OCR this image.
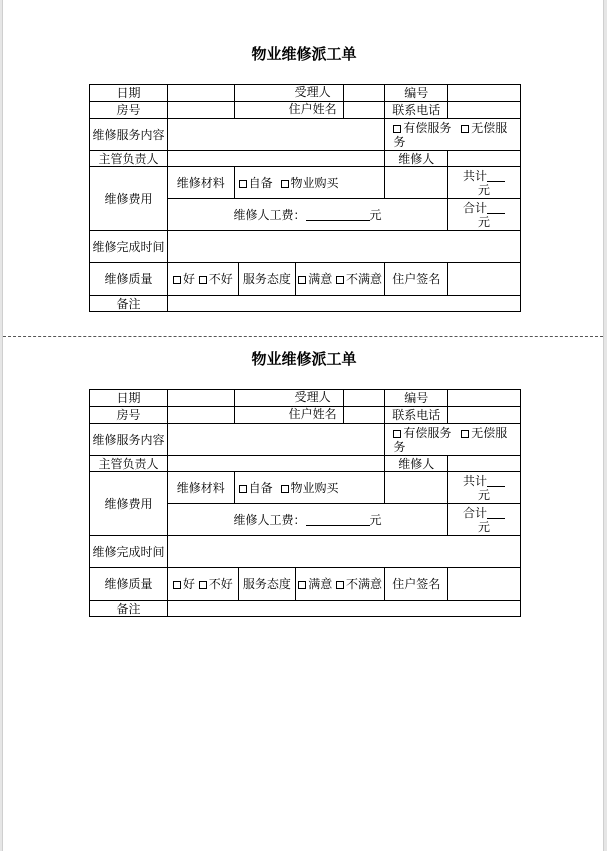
物业维修派工单
日期		受理人	编号	
房号		住户姓名	联系电话	
维修服务内容			有偿服务 无偿服务	
主管负责人			维修人	
维修费用	维修材料	自备 物业购买		共计
元
	维修人工费： 元			合计
元
维修完成时间				
维修质量	好 不好 服务态度 满意 不满意		住户签名	
备注				
物业维修派工单
日期		受理人	编号	
房号		住户姓名	联系电话	
维修服务内容			有偿服务 无偿服务	
主管负责人			维修人	
维修费用	维修材料	自备 物业购买		共计
元
	维修人工费： 元			合计
元
维修完成时间				
维修质量	好 不好 服务态度 满意 不满意		住户签名	
备注				
